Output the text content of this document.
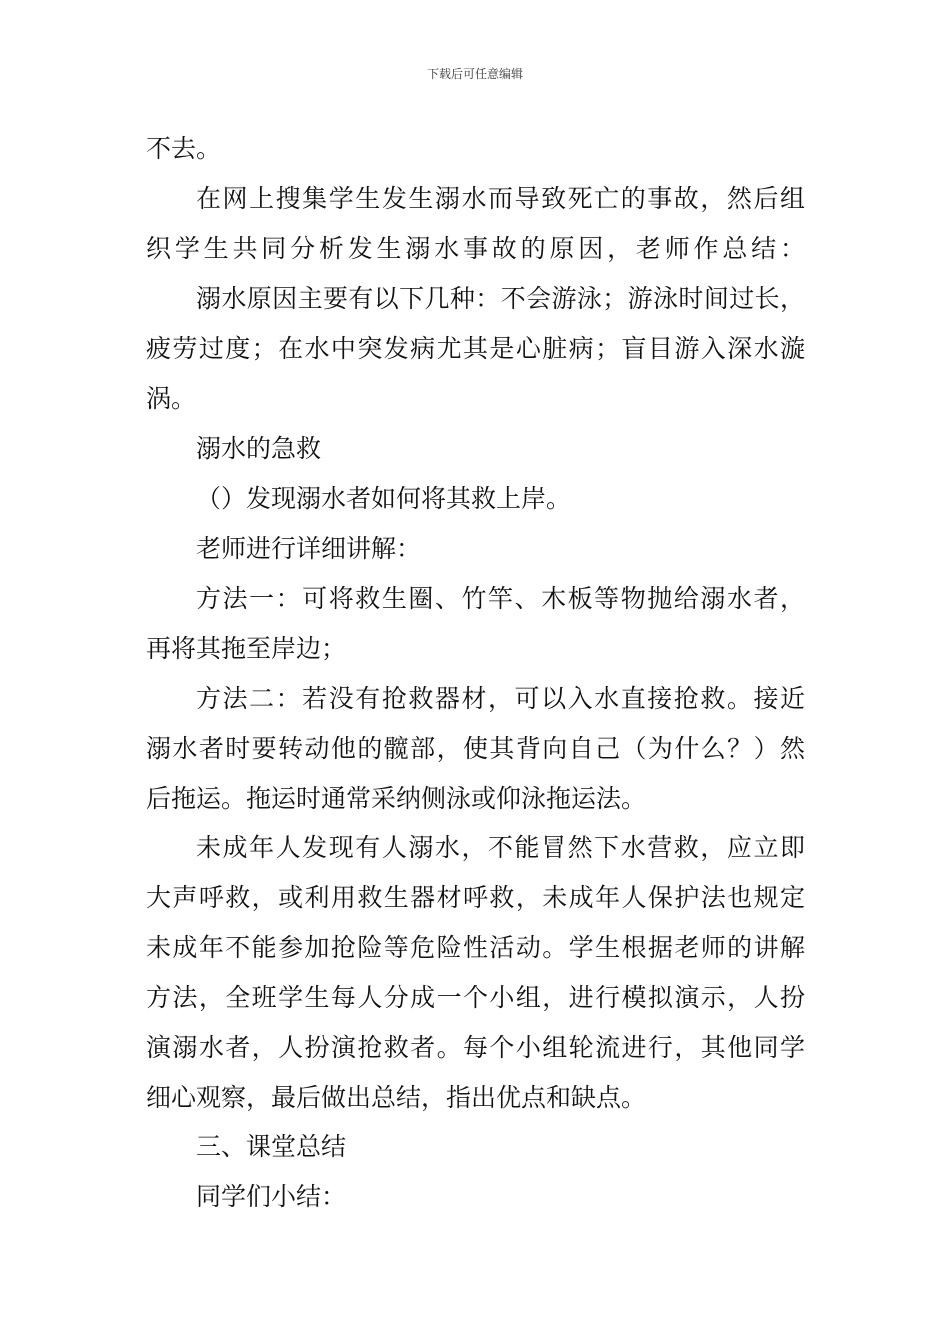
下载后可任意编辑
不去。
在网上搜集学生发生溺水而导致死亡的事故，然后组
织学生共同分析发生溺水事故的原因，老师作总结：
溺水原因主要有以下几种：不会游泳；游泳时间过长，
疲劳过度；在水中突发病尤其是心脏病；盲目游入深水漩
涡。
溺水的急救
（）发现溺水者如何将其救上岸。
老师进行详细讲解：
方法一：可将救生圈、竹竿、木板等物抛给溺水者，
再将其拖至岸边；
方法二：若没有抢救器材，可以入水直接抢救。接近
溺水者时要转动他的髋部，使其背向自己（为什么？）然
后拖运。拖运时通常采纳侧泳或仰泳拖运法。
未成年人发现有人溺水，不能冒然下水营救，应立即
大声呼救，或利用救生器材呼救，未成年人保护法也规定
未成年不能参加抢险等危险性活动。学生根据老师的讲解
方法，全班学生每人分成一个小组，进行模拟演示，人扮
演溺水者，人扮演抢救者。每个小组轮流进行，其他同学
细心观察，最后做出总结，指出优点和缺点。
三、课堂总结
同学们小结：
